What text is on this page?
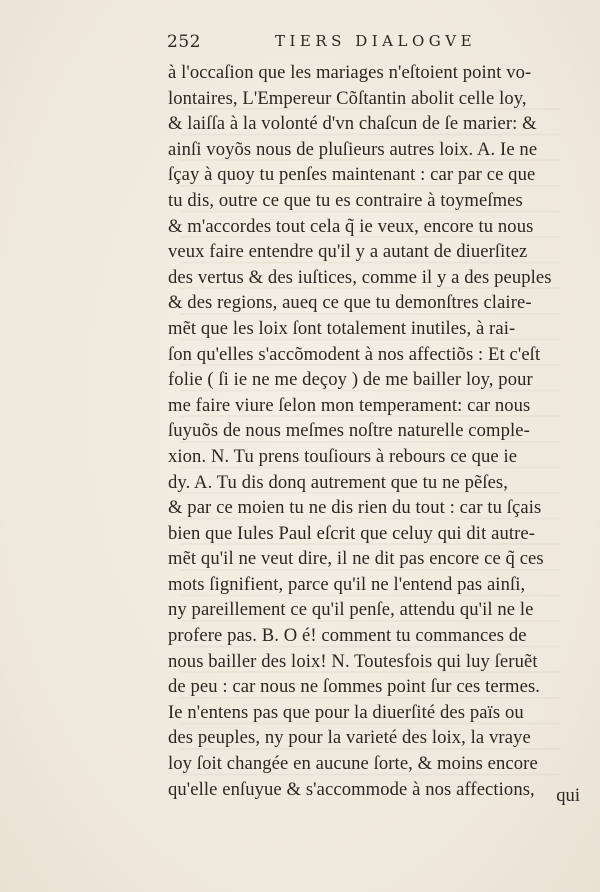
252	TIERS DIALOGVE
à l'occaſion que les mariages n'eſtoient point vo-
lontaires, L'Empereur Cõſtantin abolit celle loy,
& laiſſa à la volonté d'vn chaſcun de ſe marier: &
ainſi voyõs nous de pluſieurs autres loix. A. Ie ne
ſçay à quoy tu penſes maintenant : car par ce que
tu dis, outre ce que tu es contraire à toymeſmes
& m'accordes tout cela q̃ ie veux, encore tu nous
veux faire entendre qu'il y a autant de diuerſitez
des vertus & des iuſtices, comme il y a des peuples
& des regions, aueq ce que tu demonſtres claire-
mẽt que les loix ſont totalement inutiles, à rai-
ſon qu'elles s'accõmodent à nos affectiõs : Et c'eſt
folie ( ſi ie ne me deçoy ) de me bailler loy, pour
me faire viure ſelon mon temperament: car nous
ſuyuõs de nous meſmes noſtre naturelle comple-
xion. N. Tu prens touſiours à rebours ce que ie
dy. A. Tu dis donq autrement que tu ne pẽſes,
& par ce moien tu ne dis rien du tout : car tu ſçais
bien que Iules Paul eſcrit que celuy qui dit autre-
mẽt qu'il ne veut dire, il ne dit pas encore ce q̃ ces
mots ſignifient, parce qu'il ne l'entend pas ainſi,
ny pareillement ce qu'il penſe, attendu qu'il ne le
profere pas. B. O é! comment tu commances de
nous bailler des loix! N. Toutesfois qui luy ſeruẽt
de peu : car nous ne ſommes point ſur ces termes.
Ie n'entens pas que pour la diuerſité des païs ou
des peuples, ny pour la varieté des loix, la vraye
loy ſoit changée en aucune ſorte, & moins encore
qu'elle enſuyue & s'accommode à nos affections,	qui
